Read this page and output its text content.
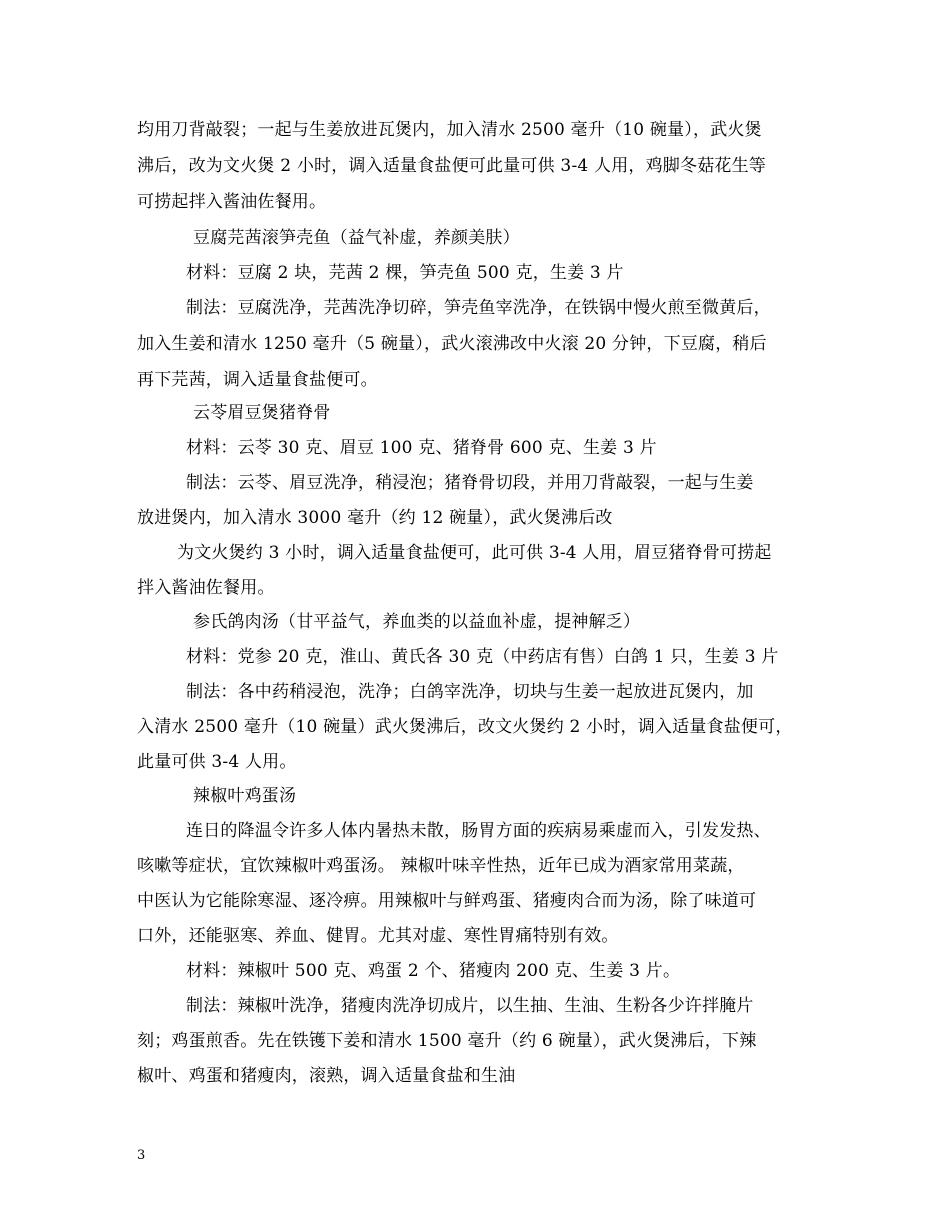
均用刀背敲裂；一起与生姜放进瓦煲内，加入清水 2500 毫升（10 碗量），武火煲
沸后，改为文火煲 2 小时，调入适量食盐便可此量可供 3-4 人用，鸡脚冬菇花生等
可捞起拌入酱油佐餐用。
豆腐芫茜滚笋壳鱼（益气补虚，养颜美肤）
材料：豆腐 2 块，芫茜 2 棵，笋壳鱼 500 克，生姜 3 片
制法：豆腐洗净，芫茜洗净切碎，笋壳鱼宰洗净，在铁锅中慢火煎至微黄后，
加入生姜和清水 1250 毫升（5 碗量），武火滚沸改中火滚 20 分钟，下豆腐，稍后
再下芫茜，调入适量食盐便可。
云苓眉豆煲猪脊骨
材料：云苓 30 克、眉豆 100 克、猪脊骨 600 克、生姜 3 片
制法：云苓、眉豆洗净，稍浸泡；猪脊骨切段，并用刀背敲裂，一起与生姜
放进煲内，加入清水 3000 毫升（约 12 碗量），武火煲沸后改
为文火煲约 3 小时，调入适量食盐便可，此可供 3-4 人用，眉豆猪脊骨可捞起
拌入酱油佐餐用。
参氏鸽肉汤（甘平益气，养血类的以益血补虚，提神解乏）
材料：党参 20 克，淮山、黄氏各 30 克（中药店有售）白鸽 1 只，生姜 3 片
制法：各中药稍浸泡，洗净；白鸽宰洗净，切块与生姜一起放进瓦煲内，加
入清水 2500 毫升（10 碗量）武火煲沸后，改文火煲约 2 小时，调入适量食盐便可，
此量可供 3-4 人用。
辣椒叶鸡蛋汤
连日的降温令许多人体内暑热未散，肠胃方面的疾病易乘虚而入，引发发热、
咳嗽等症状，宜饮辣椒叶鸡蛋汤。 辣椒叶味辛性热，近年已成为酒家常用菜蔬，
中医认为它能除寒湿、逐冷痹。用辣椒叶与鲜鸡蛋、猪瘦肉合而为汤，除了味道可
口外，还能驱寒、养血、健胃。尤其对虚、寒性胃痛特别有效。
材料：辣椒叶 500 克、鸡蛋 2 个、猪瘦肉 200 克、生姜 3 片。
制法：辣椒叶洗净，猪瘦肉洗净切成片，以生抽、生油、生粉各少许拌腌片
刻；鸡蛋煎香。先在铁镬下姜和清水 1500 毫升（约 6 碗量），武火煲沸后，下辣
椒叶、鸡蛋和猪瘦肉，滚熟，调入适量食盐和生油
3
